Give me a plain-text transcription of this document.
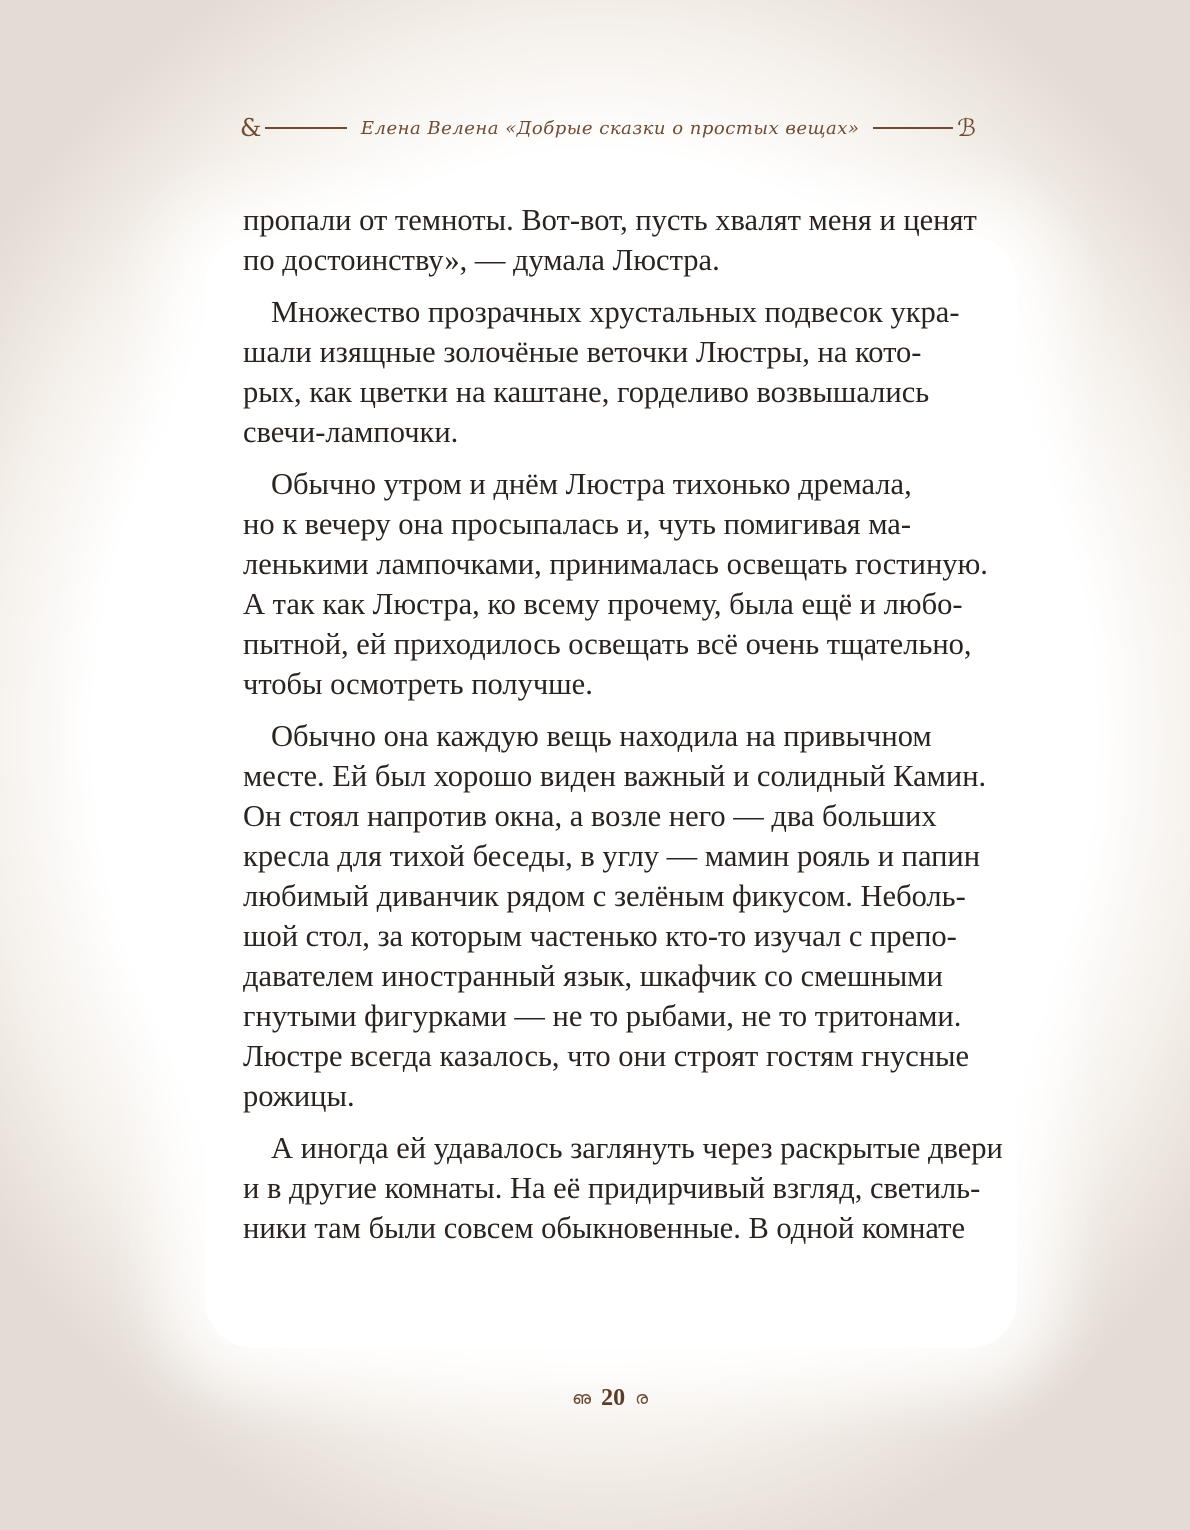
&	Елена Велена «Добрые сказки о простых вещах»	ℬ
пропали от темноты. Вот-вот, пусть хвалят меня и ценят
по достоинству», — думала Люстра.
Множество прозрачных хрустальных подвесок укра-
шали изящные золочёные веточки Люстры, на кото-
рых, как цветки на каштане, горделиво возвышались
свечи-лампочки.
Обычно утром и днём Люстра тихонько дремала,
но к вечеру она просыпалась и, чуть помигивая ма-
ленькими лампочками, принималась освещать гостиную.
А так как Люстра, ко всему прочему, была ещё и любо-
пытной, ей приходилось освещать всё очень тщательно,
чтобы осмотреть получше.
Обычно она каждую вещь находила на привычном
месте. Ей был хорошо виден важный и солидный Камин.
Он стоял напротив окна, а возле него — два больших
кресла для тихой беседы, в углу — мамин рояль и папин
любимый диванчик рядом с зелёным фикусом. Неболь-
шой стол, за которым частенько кто-то изучал с препо-
давателем иностранный язык, шкафчик со смешными
гнутыми фигурками — не то рыбами, не то тритонами.
Люстре всегда казалось, что они строят гостям гнусные
рожицы.
А иногда ей удавалось заглянуть через раскрытые двери
и в другие комнаты. На её придирчивый взгляд, светиль-
ники там были совсем обыкновенные. В одной комнате
ഌ 20 ര
